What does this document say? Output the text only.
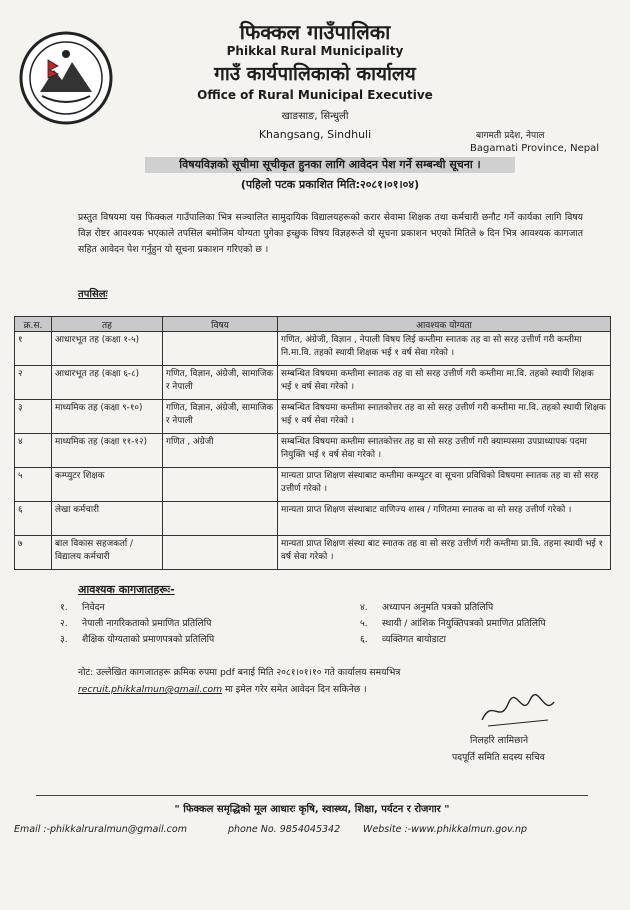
फिक्कल गाउँपालिका
Phikkal Rural Municipality
गाउँ कार्यपालिकाको कार्यालय
Office of Rural Municipal Executive
खाङसाङ, सिन्धुली
Khangsang, Sindhuli	बागमती प्रदेश, नेपाल
Bagamati Province, Nepal
विषयविज्ञको सूचीमा सूचीकृत हुनका लागि आवेदन पेश गर्ने सम्बन्धी सूचना ।
(पहिलो पटक प्रकाशित मिति:२०८१।०१।०४)
प्रस्तुत विषयमा यस फिक्कल गाउँपालिका भित्र सञ्चालित सामुदायिक विद्यालयहरूको करार सेवामा शिक्षक तथा कर्मचारी छनौट गर्ने कार्यका लागि विषय विज्ञ रोष्टर आवश्यक भएकाले तपसिल बमोजिम योग्यता पुगेका इच्छुक विषय विज्ञहरूले यो सूचना प्रकाशन भएको मितिले ७ दिन भित्र आवश्यक कागजात सहित आवेदन पेश गर्नुहुन यो सूचना प्रकाशन गरिएको छ ।
तपसिलः
क्र.स.	तह	विषय	आवश्यक योग्यता
१	आधारभूत तह (कक्षा १-५)		गणित, अंग्रेजी, विज्ञान , नेपाली विषय लिई कम्तीमा स्नातक तह वा सो सरह उत्तीर्ण गरी कम्तीमा नि.मा.वि. तहको स्थायी शिक्षक भई १ वर्ष सेवा गरेको ।
२	आधारभूत तह (कक्षा ६-८)	गणित, विज्ञान, अंग्रेजी, सामाजिक र नेपाली	सम्बन्धित विषयमा कम्तीमा स्नातक तह वा सो सरह उत्तीर्ण गरी कम्तीमा मा.वि. तहको स्थायी शिक्षक भई १ वर्ष सेवा गरेको ।
३	माध्यमिक तह (कक्षा ९-१०)	गणित, विज्ञान, अंग्रेजी, सामाजिक र नेपाली	सम्बन्धित विषयमा कम्तीमा स्नातकोत्तर तह वा सो सरह उत्तीर्ण गरी कम्तीमा मा.वि. तहको स्थायी शिक्षक भई १ वर्ष सेवा गरेको ।
४	माध्यमिक तह (कक्षा ११-१२)	गणित , अंग्रेजी	सम्बन्धित विषयमा कम्तीमा स्नातकोत्तर तह वा सो सरह उत्तीर्ण गरी क्याम्पसमा उपप्राध्यापक पदमा नियुक्ति भई १ वर्ष सेवा गरेको ।
५	कम्प्युटर शिक्षक		मान्यता प्राप्त शिक्षण संस्थाबाट कम्तीमा कम्प्युटर वा सूचना प्रविधिको विषयमा स्नातक तह वा सो सरह उत्तीर्ण गरेको ।
६	लेखा कर्मचारी		मान्यता प्राप्त शिक्षण संस्थाबाट वाणिज्य शास्त्र / गणितमा स्नातक वा सो सरह उत्तीर्ण गरेको ।
७	बाल विकास सहजकर्ता / विद्यालय कर्मचारी		मान्यता प्राप्त शिक्षण संस्था बाट स्नातक तह वा सो सरह उत्तीर्ण गरी कम्तीमा प्रा.वि. तहमा स्थायी भई १ वर्ष सेवा गरेको ।
आवश्यक कागजातहरूः-
१. निवेदन
२. नेपाली नागरिकताको प्रमाणित प्रतिलिपि
३. शैक्षिक योग्यताको प्रमाणपत्रको प्रतिलिपि
४. अध्यापन अनुमति पत्रको प्रतिलिपि
५. स्थायी / आंशिक नियुक्तिपत्रको प्रमाणित प्रतिलिपि
६. व्यक्तिगत बायोडाटा
नोट: उल्लेखित कागजातहरू क्रमिक रुपमा pdf बनाई मिति २०८१।०१।१० गते कार्यालय समयभित्र
recruit.phikkalmun@gmail.com मा इमेल गरेर समेत आवेदन दिन सकिनेछ ।
निलहरि लामिछाने
पदपूर्ति समिति सदस्य सचिव
" फिक्कल समृद्धिको मूल आधारः कृषि, स्वास्थ्य, शिक्षा, पर्यटन र रोजगार "
Email :-phikkalruralmun@gmail.com	phone No. 9854045342 Website :-www.phikkalmun.gov.np
